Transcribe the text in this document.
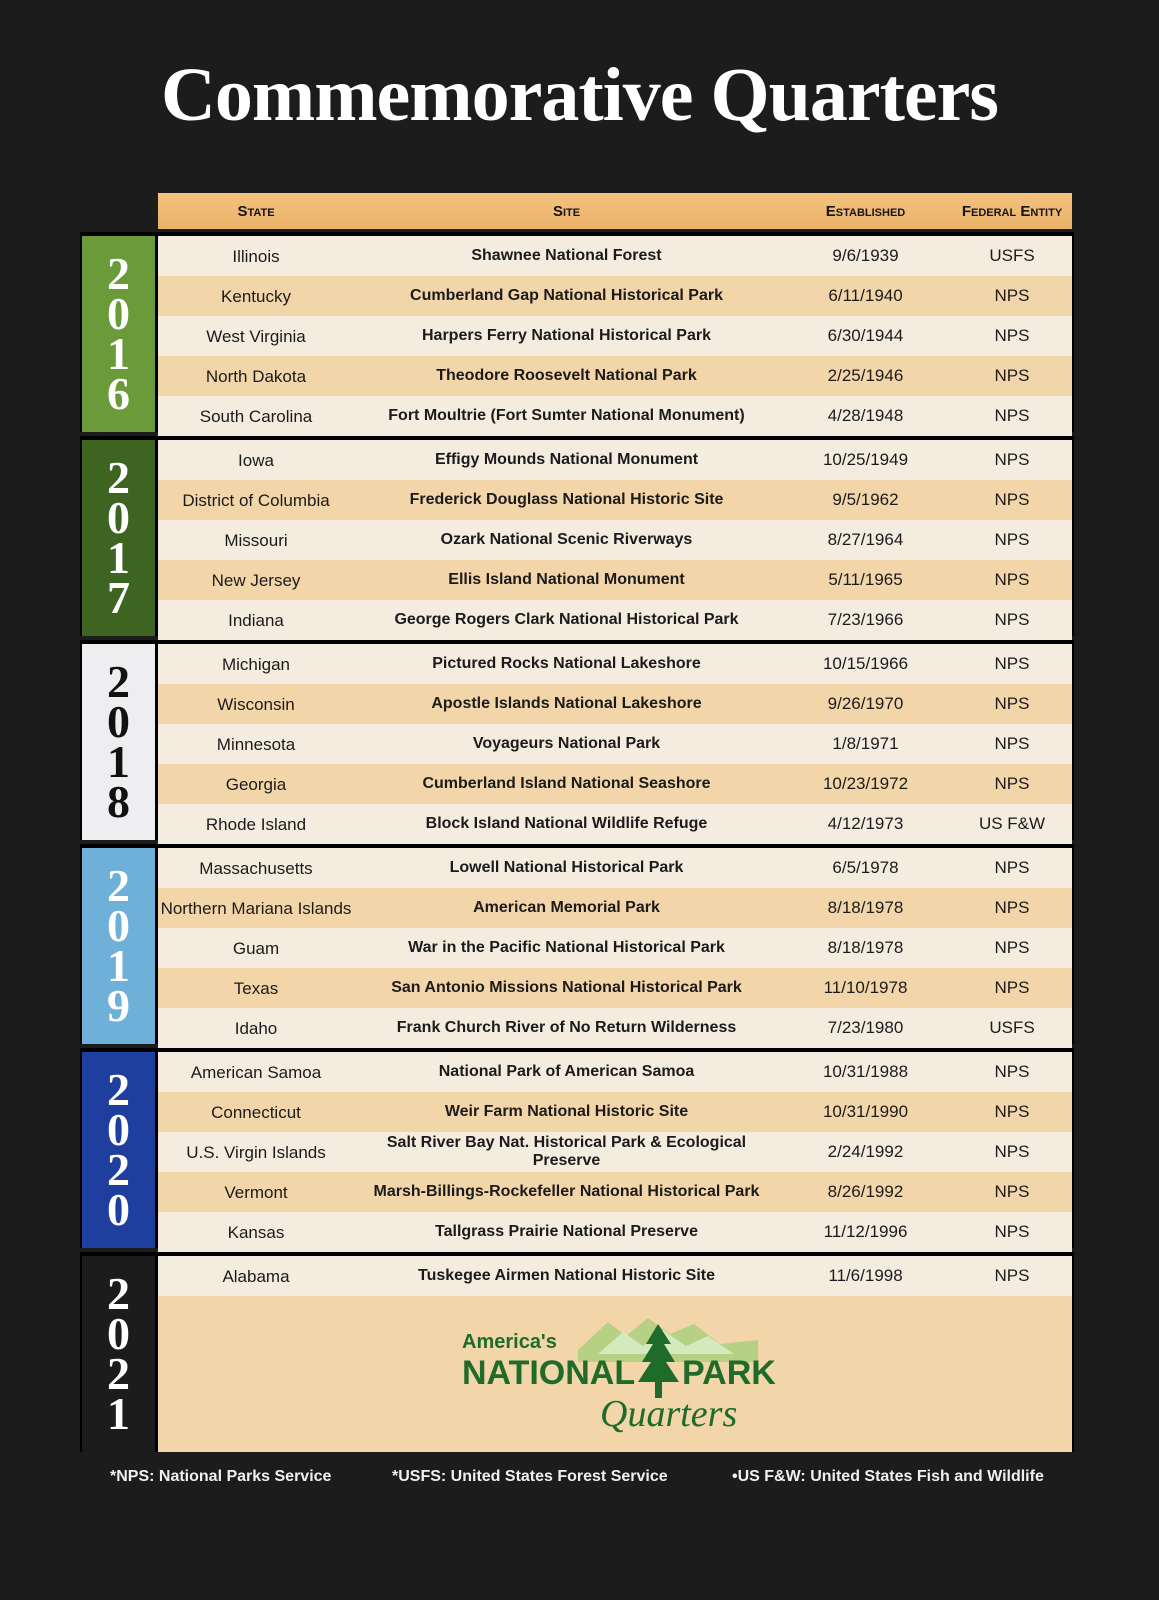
Commemorative Quarters
State	Site	Established	Federal Entity
2
0
1
6
Illinois	Shawnee National Forest	9/6/1939	USFS
Kentucky	Cumberland Gap National Historical Park	6/11/1940	NPS
West Virginia	Harpers Ferry National Historical Park	6/30/1944	NPS
North Dakota	Theodore Roosevelt National Park	2/25/1946	NPS
South Carolina	Fort Moultrie (Fort Sumter National Monument)	4/28/1948	NPS
2
0
1
7
Iowa	Effigy Mounds National Monument	10/25/1949	NPS
District of Columbia	Frederick Douglass National Historic Site	9/5/1962	NPS
Missouri	Ozark National Scenic Riverways	8/27/1964	NPS
New Jersey	Ellis Island National Monument	5/11/1965	NPS
Indiana	George Rogers Clark National Historical Park	7/23/1966	NPS
2
0
1
8
Michigan	Pictured Rocks National Lakeshore	10/15/1966	NPS
Wisconsin	Apostle Islands National Lakeshore	9/26/1970	NPS
Minnesota	Voyageurs National Park	1/8/1971	NPS
Georgia	Cumberland Island National Seashore	10/23/1972	NPS
Rhode Island	Block Island National Wildlife Refuge	4/12/1973	US F&W
2
0
1
9
Massachusetts	Lowell National Historical Park	6/5/1978	NPS
Northern Mariana Islands	American Memorial Park	8/18/1978	NPS
Guam	War in the Pacific National Historical Park	8/18/1978	NPS
Texas	San Antonio Missions National Historical Park	11/10/1978	NPS
Idaho	Frank Church River of No Return Wilderness	7/23/1980	USFS
2
0
2
0
American Samoa	National Park of American Samoa	10/31/1988	NPS
Connecticut	Weir Farm National Historic Site	10/31/1990	NPS
U.S. Virgin Islands	Salt River Bay Nat. Historical Park & Ecological Preserve	2/24/1992	NPS
Vermont	Marsh-Billings-Rockefeller National Historical Park	8/26/1992	NPS
Kansas	Tallgrass Prairie National Preserve	11/12/1996	NPS
2
0
2
1
Alabama	Tuskegee Airmen National Historic Site	11/6/1998	NPS
America's
NATIONAL PARK
Quarters
*NPS: National Parks Service	*USFS: United States Forest Service	•US F&W: United States Fish and Wildlife
